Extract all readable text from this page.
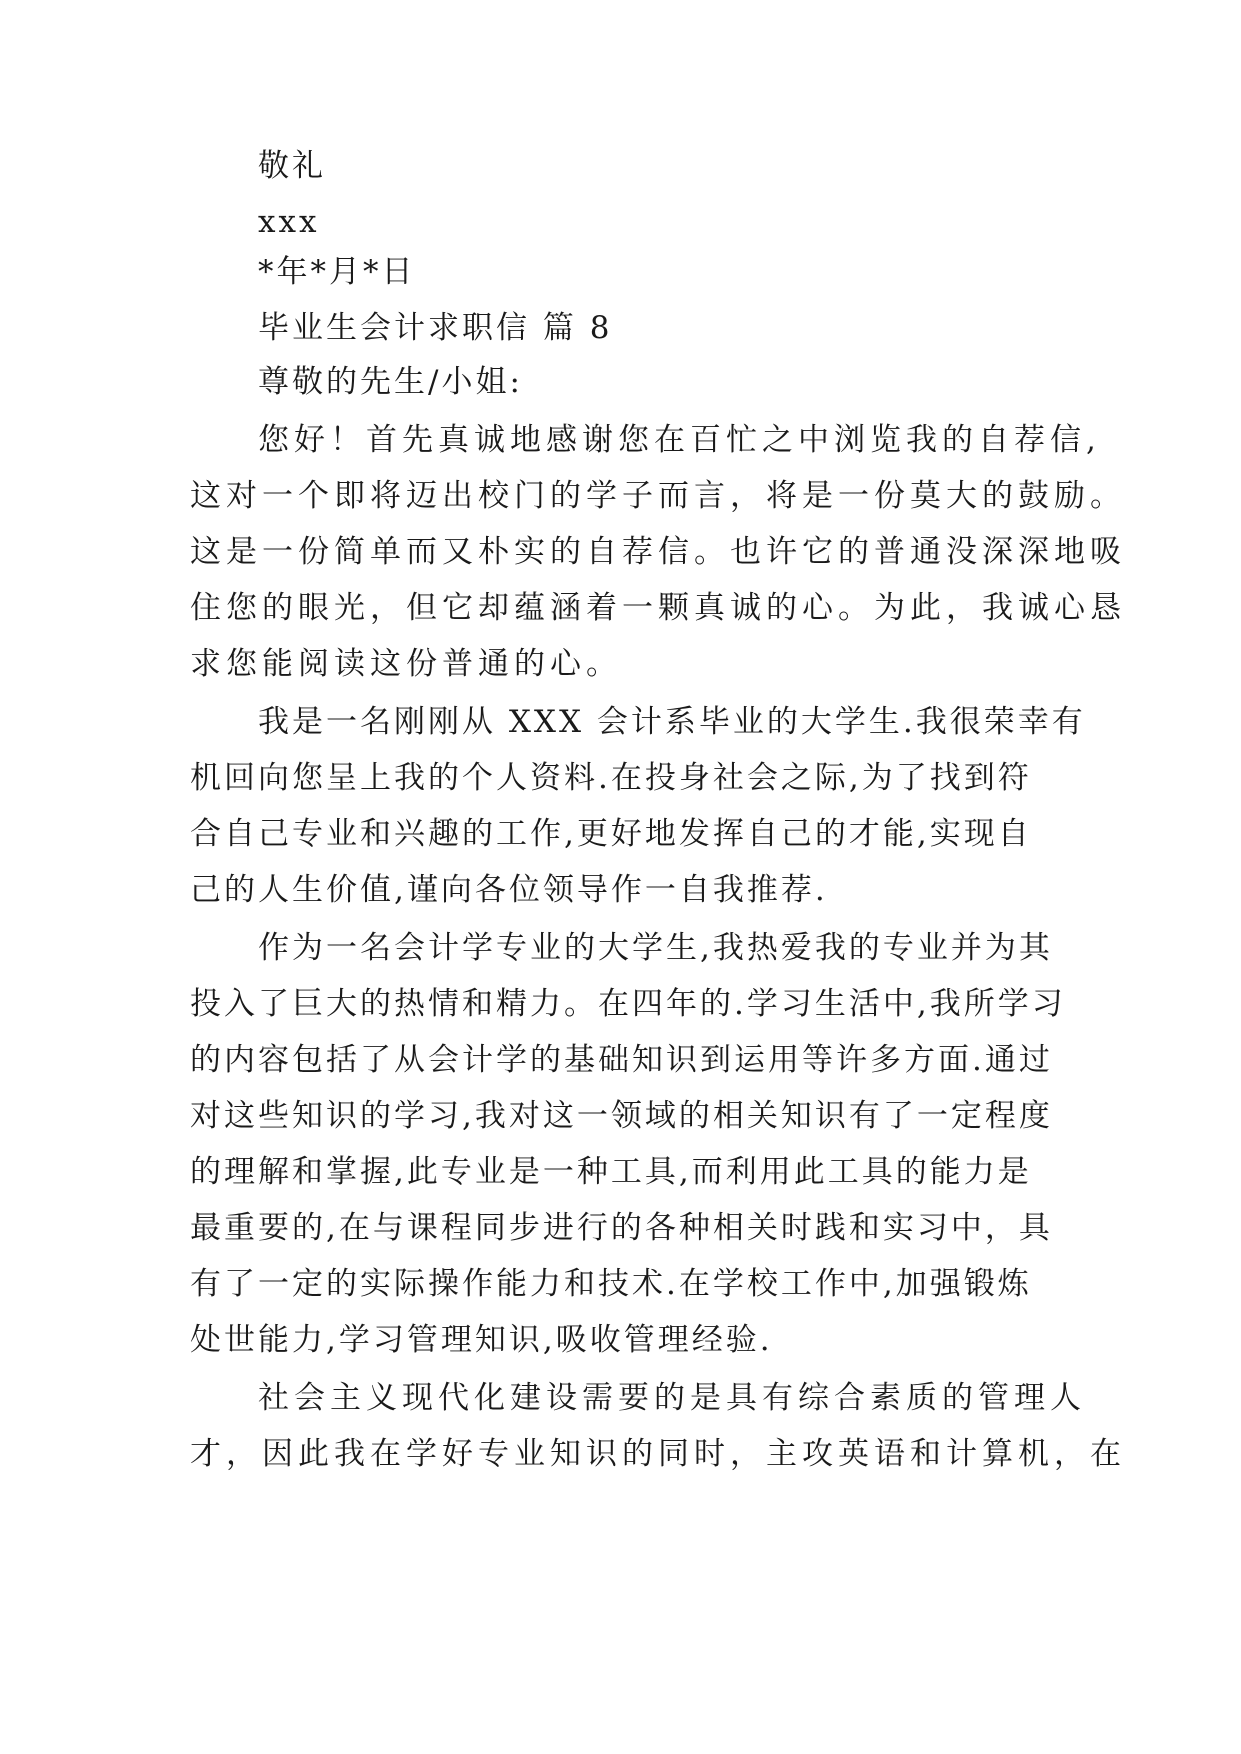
敬礼
xxx
*年*月*日
毕业生会计求职信 篇 8
尊敬的先生/小姐:
您好！首先真诚地感谢您在百忙之中浏览我的自荐信,
这对一个即将迈出校门的学子而言，将是一份莫大的鼓励。
这是一份简单而又朴实的自荐信。也许它的普通没深深地吸
住您的眼光，但它却蕴涵着一颗真诚的心。为此，我诚心恳
求您能阅读这份普通的心。
我是一名刚刚从 XXX 会计系毕业的大学生.我很荣幸有
机回向您呈上我的个人资料.在投身社会之际,为了找到符
合自己专业和兴趣的工作,更好地发挥自己的才能,实现自
己的人生价值,谨向各位领导作一自我推荐.
作为一名会计学专业的大学生,我热爱我的专业并为其
投入了巨大的热情和精力。在四年的.学习生活中,我所学习
的内容包括了从会计学的基础知识到运用等许多方面.通过
对这些知识的学习,我对这一领域的相关知识有了一定程度
的理解和掌握,此专业是一种工具,而利用此工具的能力是
最重要的,在与课程同步进行的各种相关时践和实习中，具
有了一定的实际操作能力和技术.在学校工作中,加强锻炼
处世能力,学习管理知识,吸收管理经验.
社会主义现代化建设需要的是具有综合素质的管理人
才，因此我在学好专业知识的同时，主攻英语和计算机，在
